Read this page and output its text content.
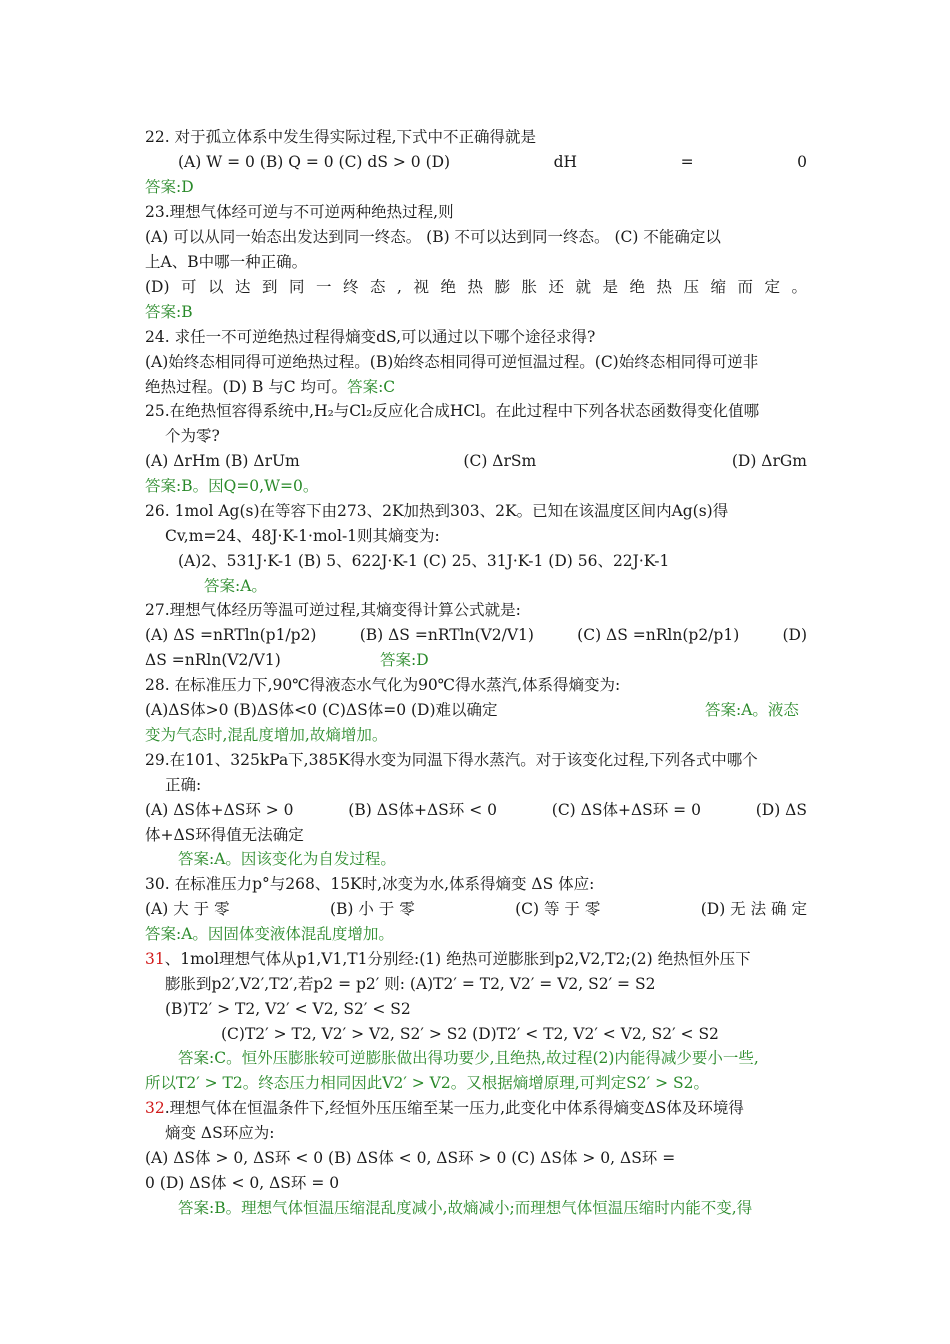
22. 对于孤立体系中发生得实际过程,下式中不正确得就是
(A) W = 0 (B) Q = 0 (C) dS > 0 (D)	dH	=	0
答案:D
23.理想气体经可逆与不可逆两种绝热过程,则
(A) 可以从同一始态出发达到同一终态。 (B) 不可以达到同一终态。 (C) 不能确定以
上A、B中哪一种正确。
(D) 可 以 达 到 同 一 终 态 , 视 绝 热 膨 胀 还 就 是 绝 热 压 缩 而 定 。
答案:B
24. 求任一不可逆绝热过程得熵变dS,可以通过以下哪个途径求得?
(A)始终态相同得可逆绝热过程。(B)始终态相同得可逆恒温过程。(C)始终态相同得可逆非
绝热过程。(D) B 与C 均可。答案:C
25.在绝热恒容得系统中,H₂与Cl₂反应化合成HCl。在此过程中下列各状态函数得变化值哪
个为零?
(A) ΔrHm (B) ΔrUm	(C) ΔrSm	(D) ΔrGm
答案:B。因Q=0,W=0。
26. 1mol Ag(s)在等容下由273、2K加热到303、2K。已知在该温度区间内Ag(s)得
Cv,m=24、48J·K-1·mol-1则其熵变为:
(A)2、531J·K-1 (B) 5、622J·K-1 (C) 25、31J·K-1 (D) 56、22J·K-1
答案:A。
27.理想气体经历等温可逆过程,其熵变得计算公式就是:
(A) ΔS =nRTln(p1/p2)	(B) ΔS =nRTln(V2/V1)	(C) ΔS =nRln(p2/p1)	(D)
ΔS =nRln(V2/V1)	答案:D
28. 在标准压力下,90℃得液态水气化为90℃得水蒸汽,体系得熵变为:
(A)ΔS体>0 (B)ΔS体<0 (C)ΔS体=0 (D)难以确定	答案:A。液态
变为气态时,混乱度增加,故熵增加。
29.在101、325kPa下,385K得水变为同温下得水蒸汽。对于该变化过程,下列各式中哪个
正确:
(A) ΔS体+ΔS环 > 0	(B) ΔS体+ΔS环 < 0	(C) ΔS体+ΔS环 = 0	(D) ΔS
体+ΔS环得值无法确定
答案:A。因该变化为自发过程。
30. 在标准压力p°与268、15K时,冰变为水,体系得熵变 ΔS 体应:
(A) 大 于 零	(B) 小 于 零	(C) 等 于 零	(D) 无 法 确 定
答案:A。因固体变液体混乱度增加。
31、1mol理想气体从p1,V1,T1分别经:(1) 绝热可逆膨胀到p2,V2,T2;(2) 绝热恒外压下
膨胀到p2′,V2′,T2′,若p2 = p2′ 则: (A)T2′ = T2, V2′ = V2, S2′ = S2
(B)T2′ > T2, V2′ < V2, S2′ < S2
(C)T2′ > T2, V2′ > V2, S2′ > S2 (D)T2′ < T2, V2′ < V2, S2′ < S2
答案:C。恒外压膨胀较可逆膨胀做出得功要少,且绝热,故过程(2)内能得减少要小一些,
所以T2′ > T2。终态压力相同因此V2′ > V2。又根据熵增原理,可判定S2′ > S2。
32.理想气体在恒温条件下,经恒外压压缩至某一压力,此变化中体系得熵变ΔS体及环境得
熵变 ΔS环应为:
(A) ΔS体 > 0, ΔS环 < 0 (B) ΔS体 < 0, ΔS环 > 0 (C) ΔS体 > 0, ΔS环 =
0 (D) ΔS体 < 0, ΔS环 = 0
答案:B。理想气体恒温压缩混乱度减小,故熵减小;而理想气体恒温压缩时内能不变,得
